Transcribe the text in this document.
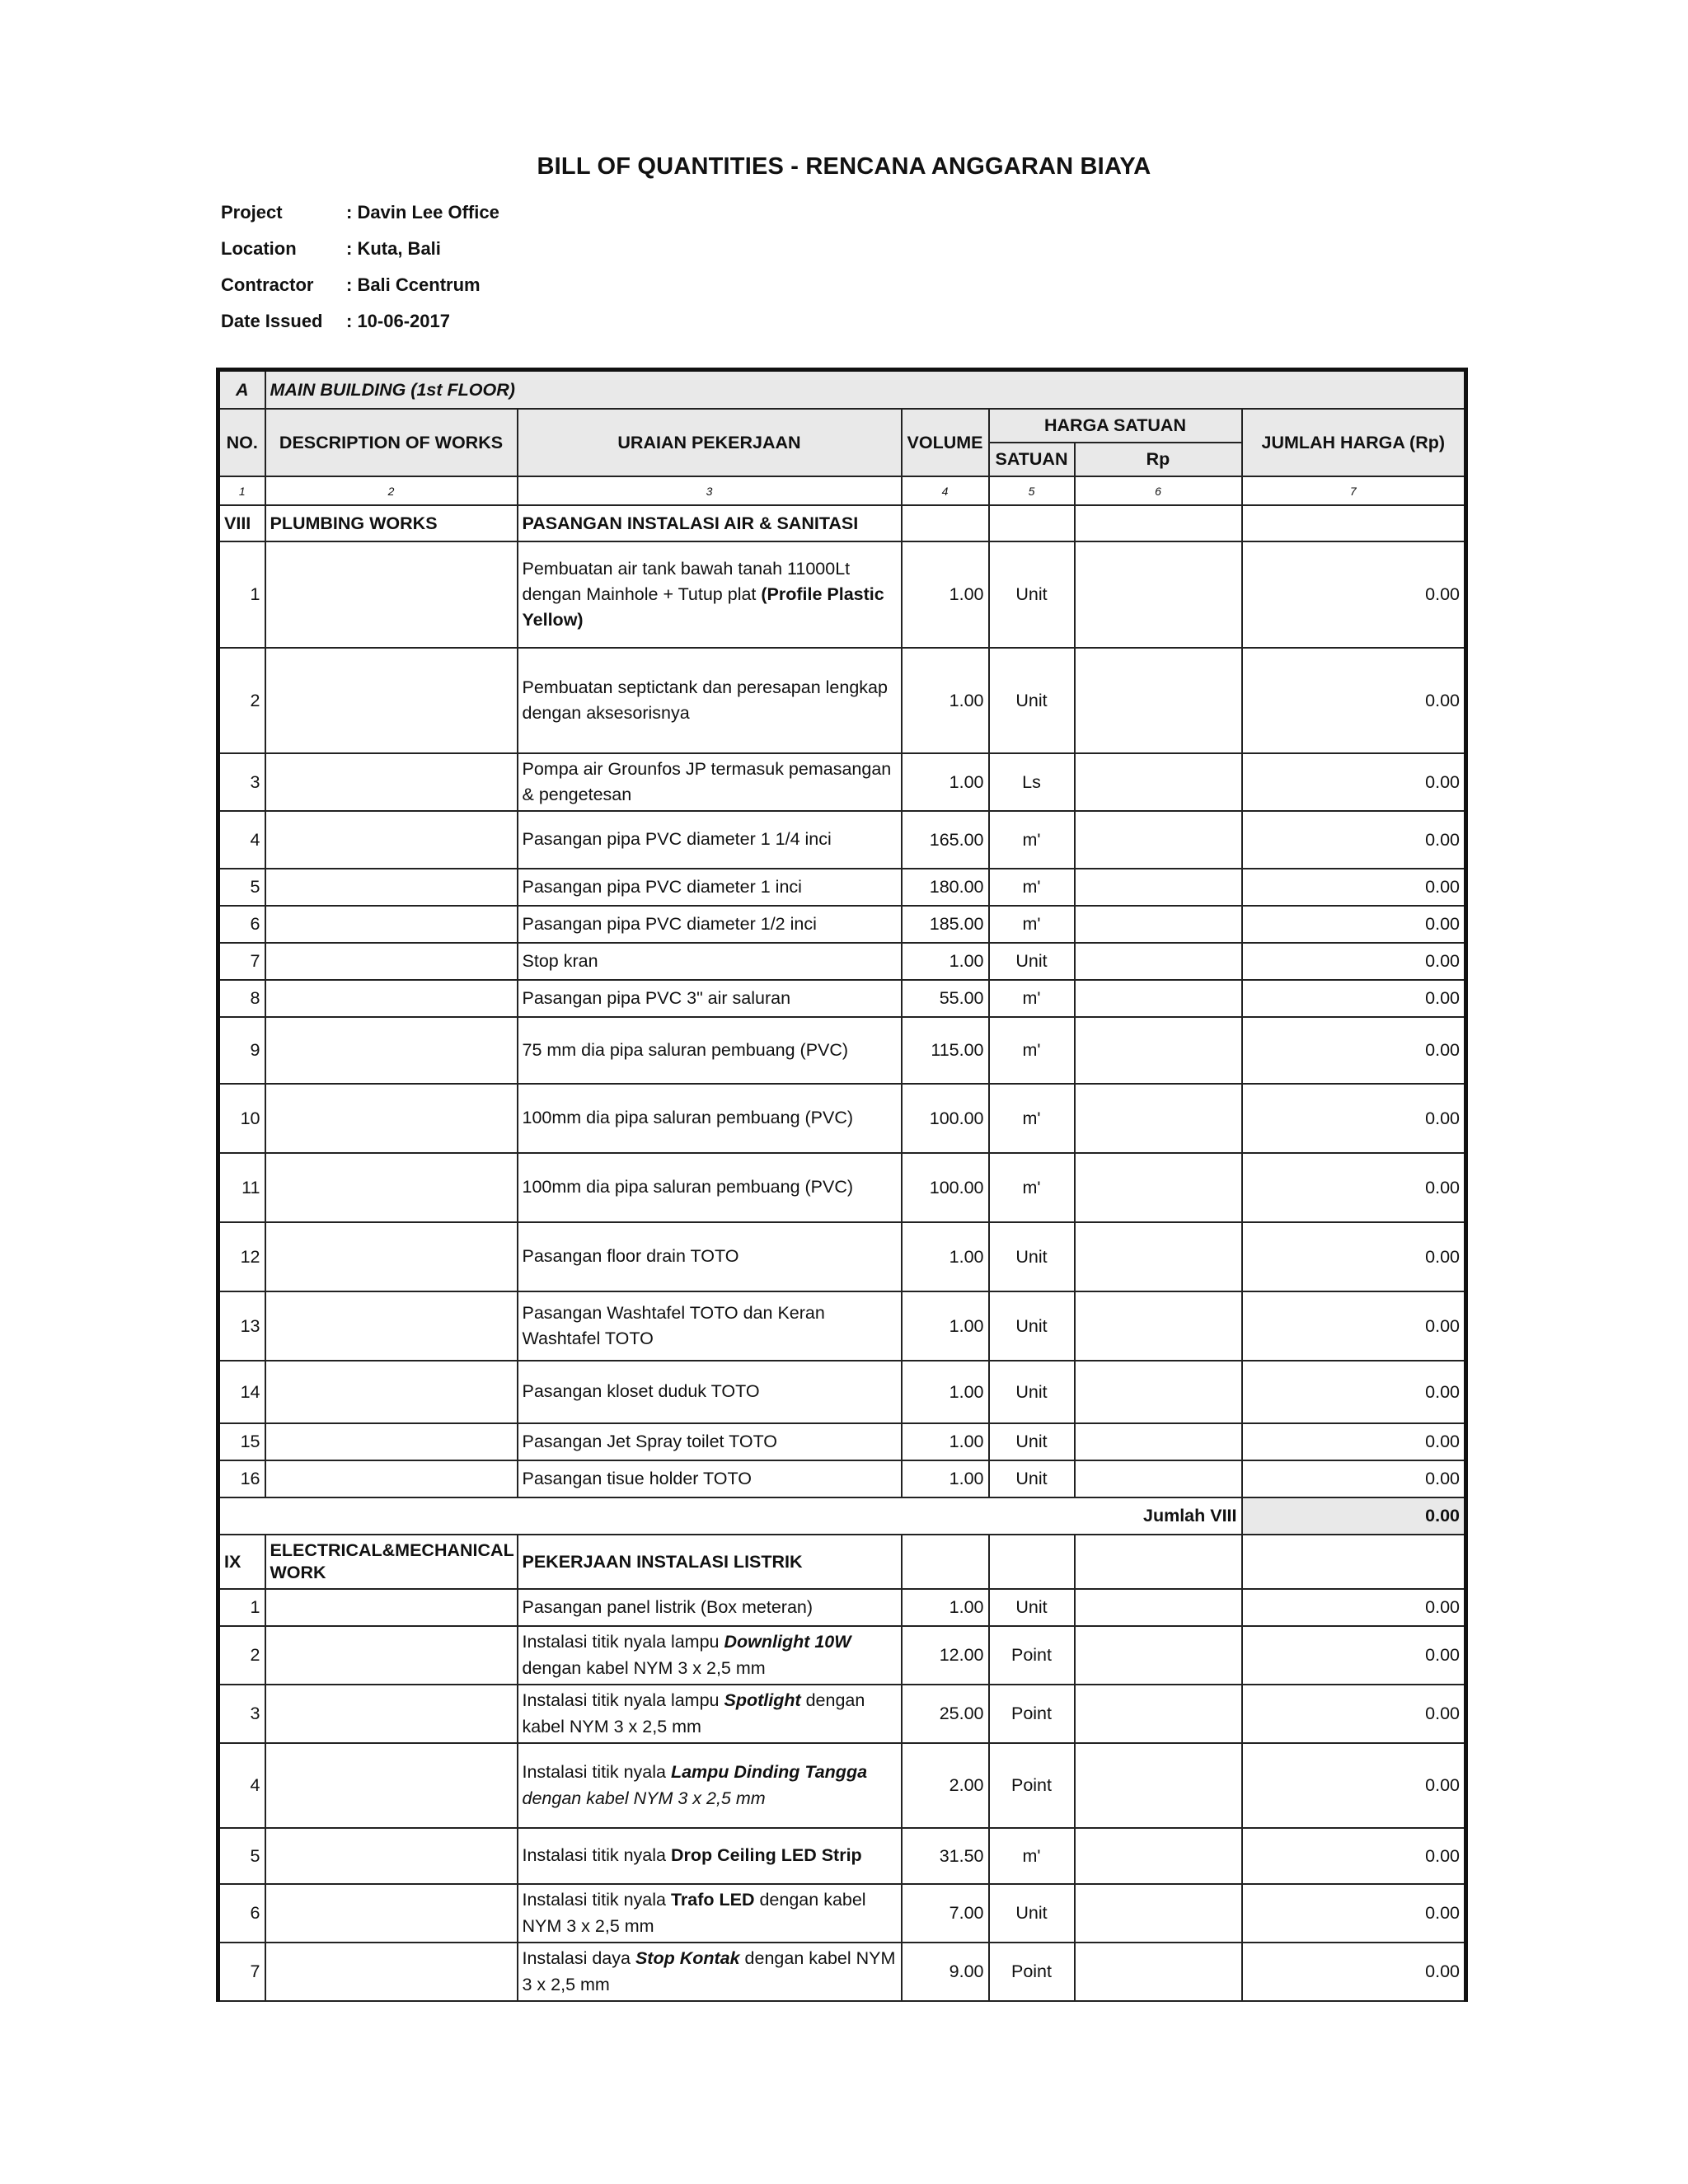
BILL OF QUANTITIES - RENCANA ANGGARAN BIAYA
Project	: Davin Lee Office
Location	: Kuta, Bali
Contractor	: Bali Ccentrum
Date Issued	: 10-06-2017
A	MAIN BUILDING (1st FLOOR)					
NO.	DESCRIPTION OF WORKS	URAIAN PEKERJAAN	VOLUME	HARGA SATUAN		JUMLAH HARGA (Rp)
				SATUAN	Rp	
1	2	3	4	5	6	7
VIII	PLUMBING WORKS	PASANGAN INSTALASI AIR & SANITASI				
1		Pembuatan air tank bawah tanah 11000Lt dengan Mainhole + Tutup plat (Profile Plastic Yellow)	1.00	Unit		0.00
2		Pembuatan septictank dan peresapan lengkap dengan aksesorisnya	1.00	Unit		0.00
3		Pompa air Grounfos JP termasuk pemasangan & pengetesan	1.00	Ls		0.00
4		Pasangan pipa PVC diameter 1 1/4 inci	165.00	m'		0.00
5		Pasangan pipa PVC diameter 1 inci	180.00	m'		0.00
6		Pasangan pipa PVC diameter 1/2 inci	185.00	m'		0.00
7		Stop kran	1.00	Unit		0.00
8		Pasangan pipa PVC 3" air saluran	55.00	m'		0.00
9		75 mm dia pipa saluran pembuang (PVC)	115.00	m'		0.00
10		100mm dia pipa saluran pembuang (PVC)	100.00	m'		0.00
11		100mm dia pipa saluran pembuang (PVC)	100.00	m'		0.00
12		Pasangan floor drain TOTO	1.00	Unit		0.00
13		Pasangan Washtafel TOTO dan Keran Washtafel TOTO	1.00	Unit		0.00
14		Pasangan kloset duduk TOTO	1.00	Unit		0.00
15		Pasangan Jet Spray toilet TOTO	1.00	Unit		0.00
16		Pasangan tisue holder TOTO	1.00	Unit		0.00
Jumlah VIII						0.00
IX	ELECTRICAL&MECHANICAL WORK	PEKERJAAN INSTALASI LISTRIK				
1		Pasangan panel listrik (Box meteran)	1.00	Unit		0.00
2		Instalasi titik nyala lampu Downlight 10W dengan kabel NYM 3 x 2,5 mm	12.00	Point		0.00
3		Instalasi titik nyala lampu Spotlight dengan kabel NYM 3 x 2,5 mm	25.00	Point		0.00
4		Instalasi titik nyala Lampu Dinding Tangga dengan kabel NYM 3 x 2,5 mm	2.00	Point		0.00
5		Instalasi titik nyala Drop Ceiling LED Strip	31.50	m'		0.00
6		Instalasi titik nyala Trafo LED dengan kabel NYM 3 x 2,5 mm	7.00	Unit		0.00
7		Instalasi daya Stop Kontak dengan kabel NYM 3 x 2,5 mm	9.00	Point		0.00
